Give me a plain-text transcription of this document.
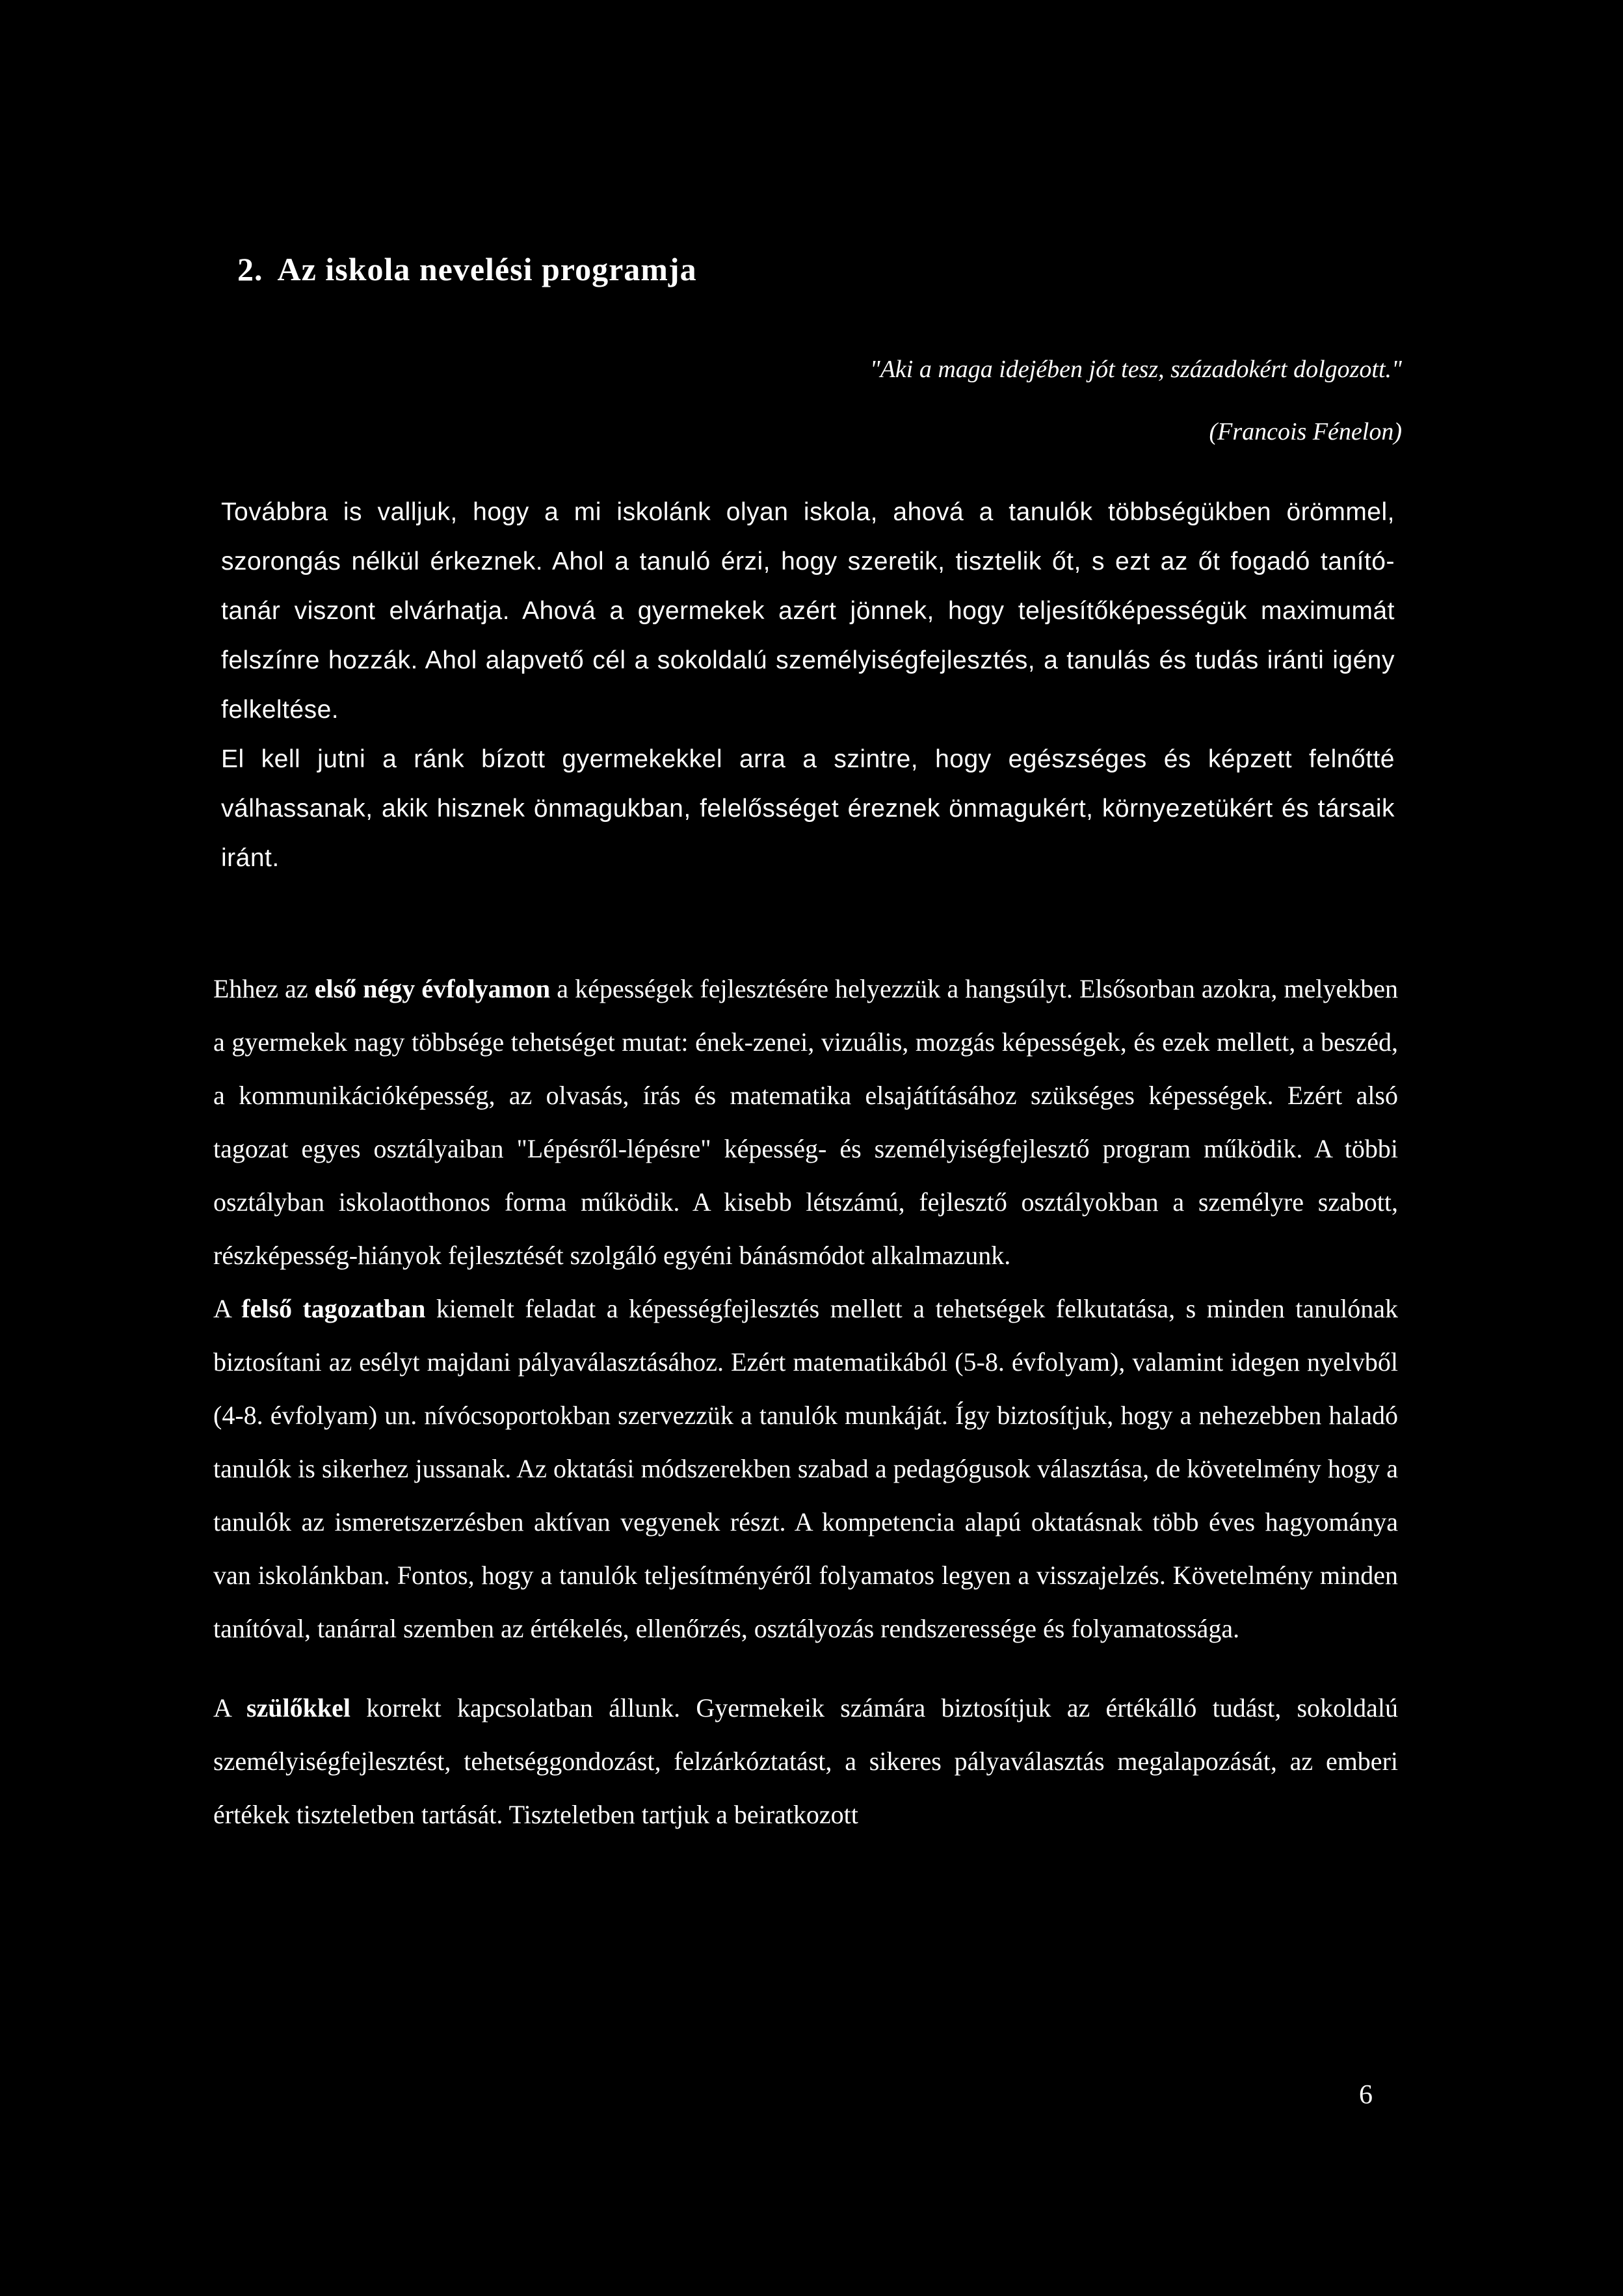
2. Az iskola nevelési programja
"Aki a maga idejében jót tesz, századokért dolgozott."
(Francois Fénelon)

Továbbra is valljuk, hogy a mi iskolánk olyan iskola, ahová a tanulók többségükben örömmel, szorongás nélkül érkeznek. Ahol a tanuló érzi, hogy szeretik, tisztelik őt, s ezt az őt fogadó tanító-tanár viszont elvárhatja. Ahová a gyermekek azért jönnek, hogy teljesítőképességük maximumát felszínre hozzák. Ahol alapvető cél a sokoldalú személyiségfejlesztés, a tanulás és tudás iránti igény felkeltése.

El kell jutni a ránk bízott gyermekekkel arra a szintre, hogy egészséges és képzett felnőtté válhassanak, akik hisznek önmagukban, felelősséget éreznek önmagukért, környezetükért és társaik iránt.

Ehhez az első négy évfolyamon a képességek fejlesztésére helyezzük a hangsúlyt. Elsősorban azokra, melyekben a gyermekek nagy többsége tehetséget mutat: ének-zenei, vizuális, mozgás képességek, és ezek mellett, a beszéd, a kommunikációképesség, az olvasás, írás és matematika elsajátításához szükséges képességek. Ezért alsó tagozat egyes osztályaiban "Lépésről-lépésre" képesség- és személyiségfejlesztő program működik. A többi osztályban iskolaotthonos forma működik. A kisebb létszámú, fejlesztő osztályokban a személyre szabott, részképesség-hiányok fejlesztését szolgáló egyéni bánásmódot alkalmazunk.

A felső tagozatban kiemelt feladat a képességfejlesztés mellett a tehetségek felkutatása, s minden tanulónak biztosítani az esélyt majdani pályaválasztásához. Ezért matematikából (5-8. évfolyam), valamint idegen nyelvből (4-8. évfolyam) un. nívócsoportokban szervezzük a tanulók munkáját. Így biztosítjuk, hogy a nehezebben haladó tanulók is sikerhez jussanak. Az oktatási módszerekben szabad a pedagógusok választása, de követelmény hogy a tanulók az ismeretszerzésben aktívan vegyenek részt. A kompetencia alapú oktatásnak több éves hagyománya van iskolánkban. Fontos, hogy a tanulók teljesítményéről folyamatos legyen a visszajelzés. Követelmény minden tanítóval, tanárral szemben az értékelés, ellenőrzés, osztályozás rendszeressége és folyamatossága.

A szülőkkel korrekt kapcsolatban állunk. Gyermekeik számára biztosítjuk az értékálló tudást, sokoldalú személyiségfejlesztést, tehetséggondozást, felzárkóztatást, a sikeres pályaválasztás megalapozását, az emberi értékek tiszteletben tartását. Tiszteletben tartjuk a beiratkozott

6
